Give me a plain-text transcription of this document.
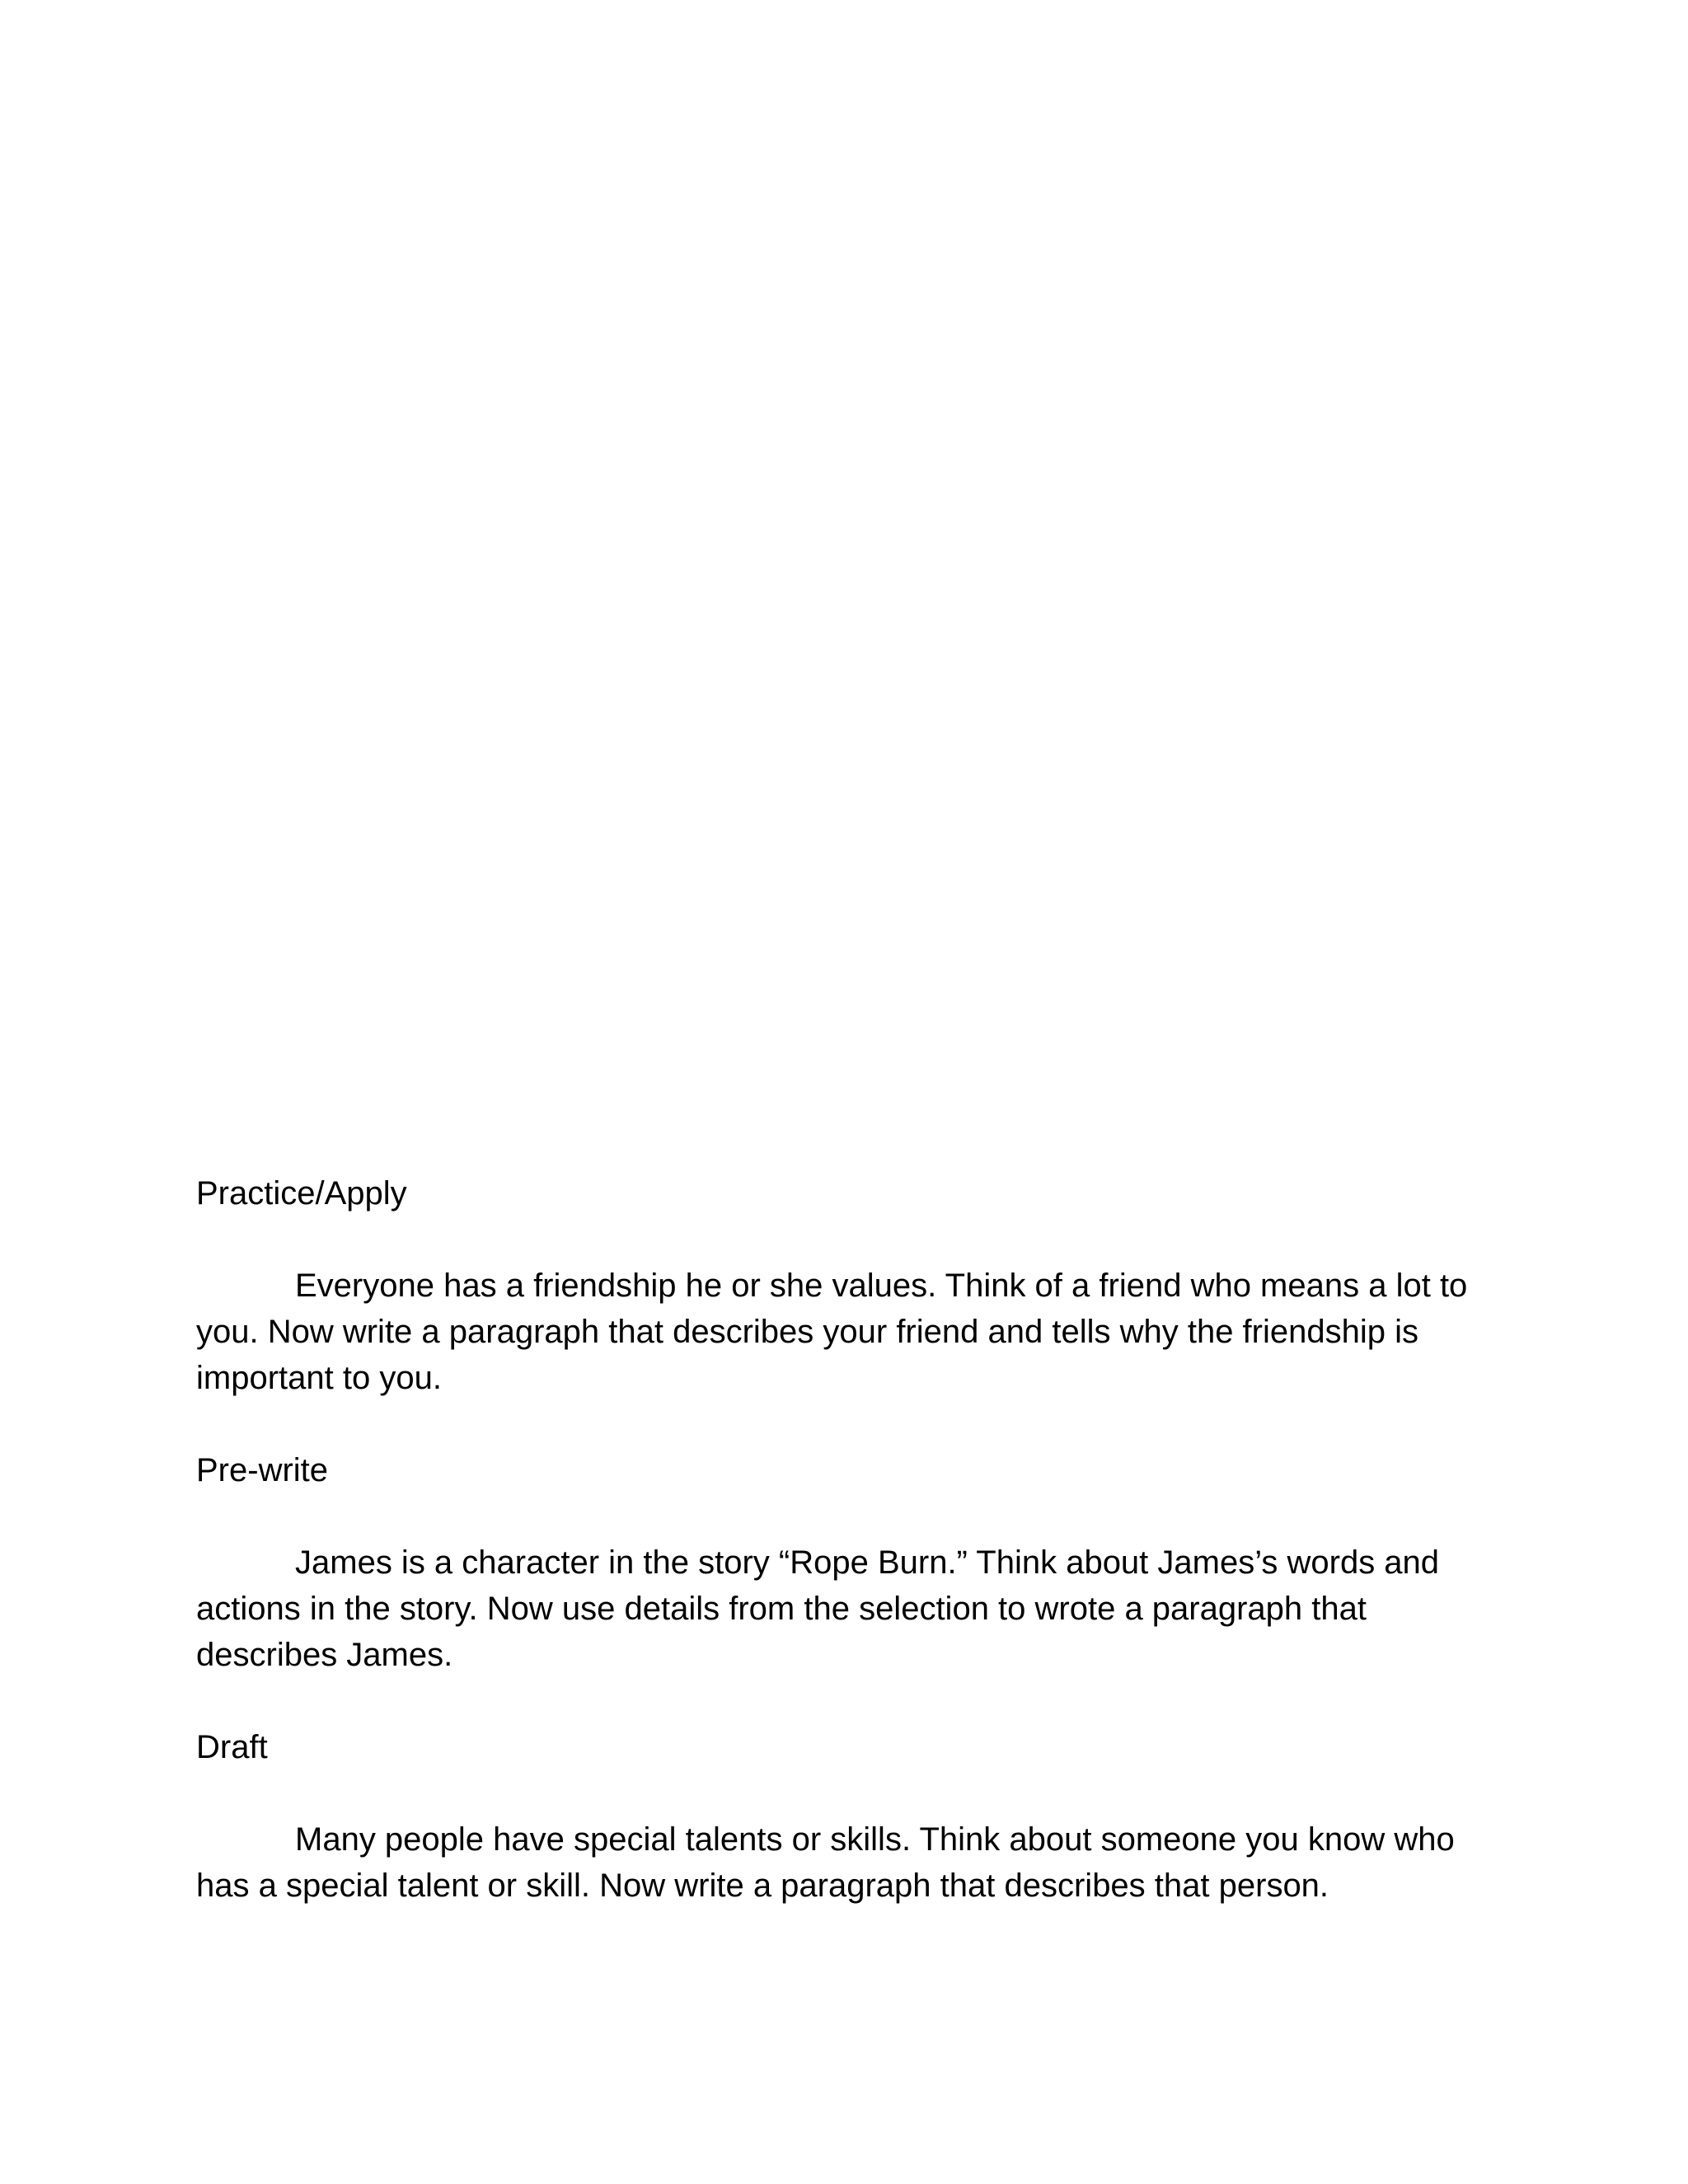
Practice/Apply

Everyone has a friendship he or she values. Think of a friend who means a lot to you. Now write a paragraph that describes your friend and tells why the friendship is important to you.

Pre-write

James is a character in the story “Rope Burn.” Think about James’s words and actions in the story. Now use details from the selection to wrote a paragraph that describes James.

Draft

Many people have special talents or skills. Think about someone you know who has a special talent or skill. Now write a paragraph that describes that person.
